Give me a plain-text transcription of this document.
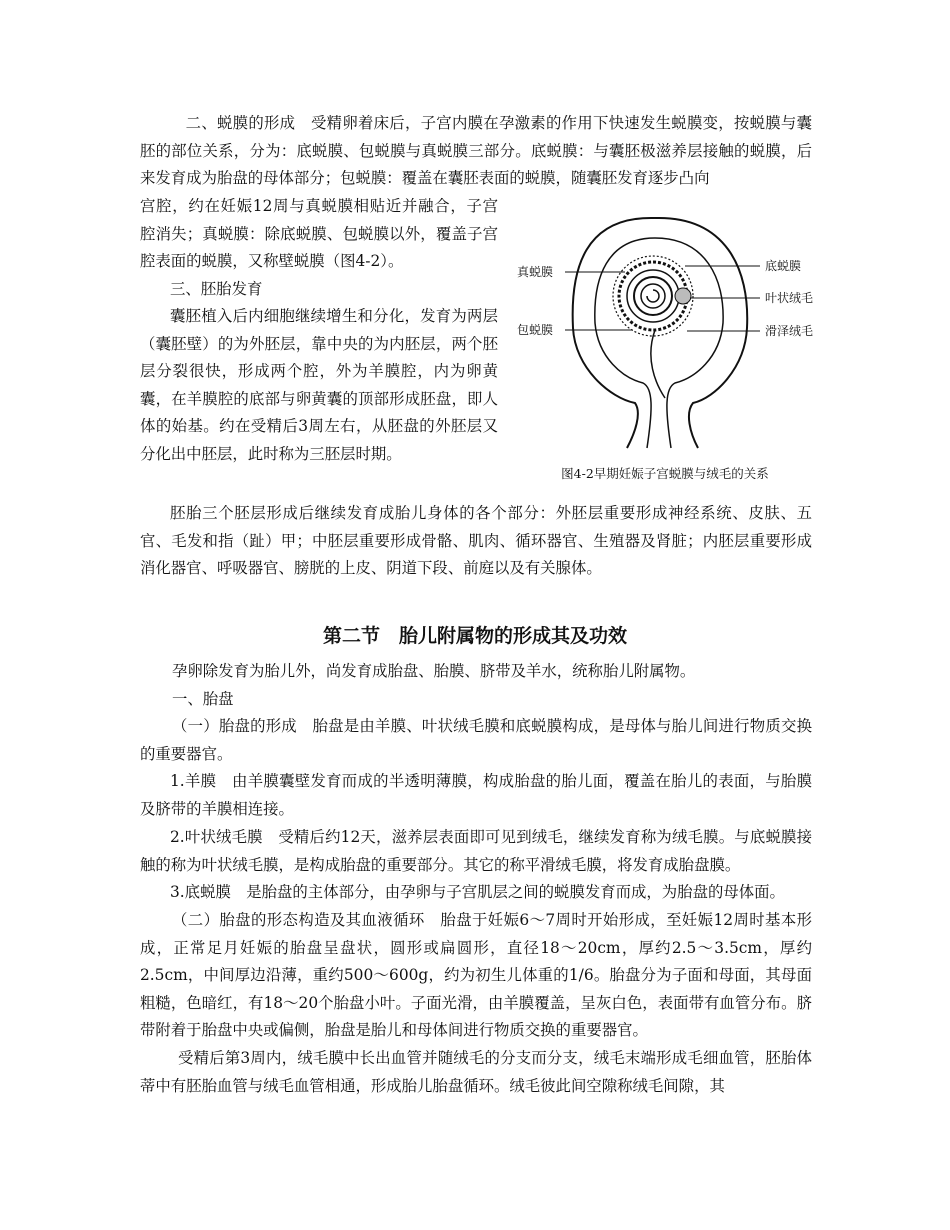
　二、蜕膜的形成　受精卵着床后，子宫内膜在孕激素的作用下快速发生蜕膜变，按蜕膜与囊胚的部位关系，分为：底蜕膜、包蜕膜与真蜕膜三部分。底蜕膜：与囊胚极滋养层接触的蜕膜，后来发育成为胎盘的母体部分；包蜕膜：覆盖在囊胚表面的蜕膜，随囊胚发育逐步凸向

宫腔，约在妊娠12周与真蜕膜相贴近并融合，子宫腔消失；真蜕膜：除底蜕膜、包蜕膜以外，覆盖子宫腔表面的蜕膜，又称壁蜕膜（图4-2）。

三、胚胎发育

囊胚植入后内细胞继续增生和分化，发育为两层（囊胚壁）的为外胚层，靠中央的为内胚层，两个胚层分裂很快，形成两个腔，外为羊膜腔，内为卵黄囊，在羊膜腔的底部与卵黄囊的顶部形成胚盘，即人体的始基。约在受精后3周左右，从胚盘的外胚层又分化出中胚层，此时称为三胚层时期。

胚胎三个胚层形成后继续发育成胎儿身体的各个部分：外胚层重要形成神经系统、皮肤、五官、毛发和指（趾）甲；中胚层重要形成骨骼、肌肉、循环器官、生殖器及肾脏；内胚层重要形成消化器官、呼吸器官、膀胱的上皮、阴道下段、前庭以及有关腺体。

真蜕膜
包蜕膜
底蜕膜
叶状绒毛
滑泽绒毛

图4-2早期妊娠子宫蜕膜与绒毛的关系

第二节　胎儿附属物的形成其及功效

孕卵除发育为胎儿外，尚发育成胎盘、胎膜、脐带及羊水，统称胎儿附属物。

一、胎盘

（一）胎盘的形成　胎盘是由羊膜、叶状绒毛膜和底蜕膜构成，是母体与胎儿间进行物质交换的重要器官。

1.羊膜　由羊膜囊壁发育而成的半透明薄膜，构成胎盘的胎儿面，覆盖在胎儿的表面，与胎膜及脐带的羊膜相连接。

2.叶状绒毛膜　受精后约12天，滋养层表面即可见到绒毛，继续发育称为绒毛膜。与底蜕膜接触的称为叶状绒毛膜，是构成胎盘的重要部分。其它的称平滑绒毛膜，将发育成胎盘膜。

3.底蜕膜　是胎盘的主体部分，由孕卵与子宫肌层之间的蜕膜发育而成，为胎盘的母体面。

（二）胎盘的形态构造及其血液循环　胎盘于妊娠6～7周时开始形成，至妊娠12周时基本形成，正常足月妊娠的胎盘呈盘状，圆形或扁圆形，直径18～20cm，厚约2.5～3.5cm，厚约2.5cm，中间厚边沿薄，重约500～600g，约为初生儿体重的1/6。胎盘分为子面和母面，其母面粗糙，色暗红，有18～20个胎盘小叶。子面光滑，由羊膜覆盖，呈灰白色，表面带有血管分布。脐带附着于胎盘中央或偏侧，胎盘是胎儿和母体间进行物质交换的重要器官。

受精后第3周内，绒毛膜中长出血管并随绒毛的分支而分支，绒毛末端形成毛细血管，胚胎体蒂中有胚胎血管与绒毛血管相通，形成胎儿胎盘循环。绒毛彼此间空隙称绒毛间隙，其
